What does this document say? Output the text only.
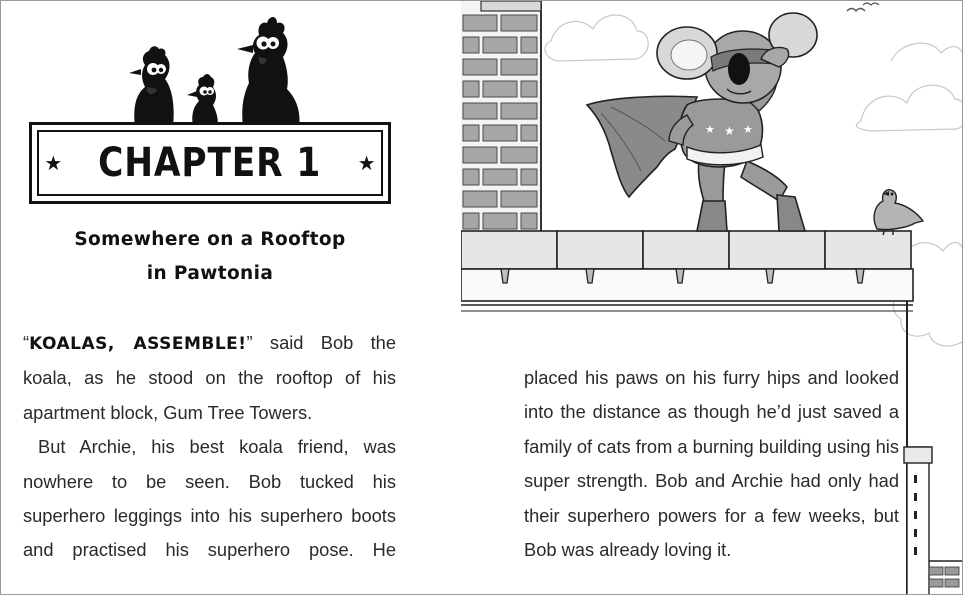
★ CHAPTER 1 ★
Somewhere on a Rooftop
in Pawtonia

“KOALAS, ASSEMBLE!” said Bob the koala, as he stood on the rooftop of his apartment block, Gum Tree Towers.

But Archie, his best koala friend, was nowhere to be seen. Bob tucked his superhero leggings into his superhero boots and practised his superhero pose. He

★ ★ ★

placed his paws on his furry hips and looked into the distance as though he’d just saved a family of cats from a burning building using his super strength. Bob and Archie had only had their superhero powers for a few weeks, but Bob was already loving it.
